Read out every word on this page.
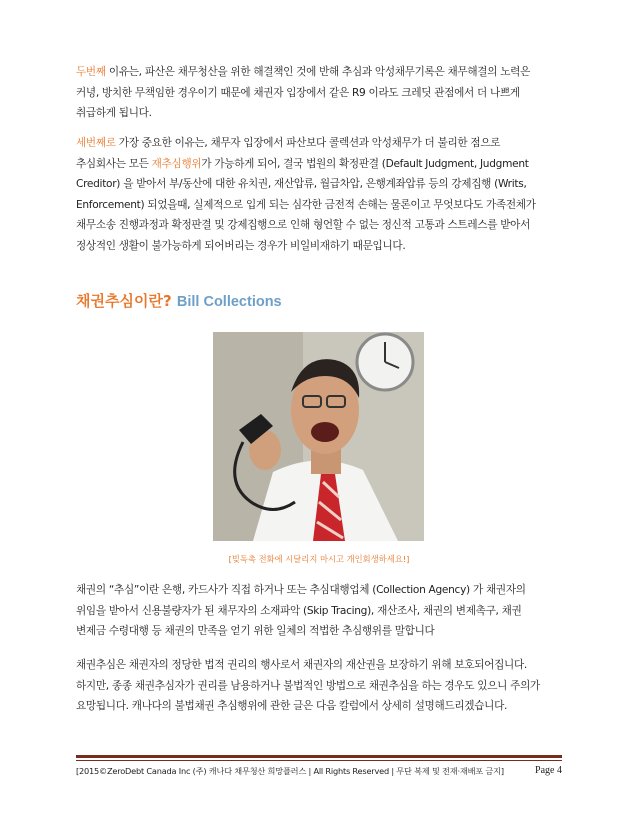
두번째 이유는, 파산은 채무청산을 위한 해결책인 것에 반해 추심과 악성채무기록은 채무해결의 노력은
커녕, 방치한 무책임한 경우이기 때문에 채권자 입장에서 같은 R9 이라도 크레딧 관점에서 더 나쁘게
취급하게 됩니다.
세번째로 가장 중요한 이유는, 채무자 입장에서 파산보다 콜렉션과 악성채무가 더 불리한 점으로
추심회사는 모든 재추심행위가 가능하게 되어, 결국 법원의 확정판결 (Default Judgment, Judgment
Creditor) 을 받아서 부/동산에 대한 유치권, 재산압류, 월급차압, 은행계좌압류 등의 강제집행 (Writs,
Enforcement) 되었을때, 실제적으로 입게 되는 심각한 금전적 손해는 물론이고 무엇보다도 가족전체가
채무소송 진행과정과 확정판결 및 강제집행으로 인해 형언할 수 없는 정신적 고통과 스트레스를 받아서
정상적인 생활이 불가능하게 되어버리는 경우가 비일비재하기 때문입니다.
채권추심이란? Bill Collections
[빚독촉 전화에 시달리지 마시고 개인회생하세요!]
채권의 “추심”이란 은행, 카드사가 직접 하거나 또는 추심대행업체 (Collection Agency) 가 채권자의
위임을 받아서 신용불량자가 된 채무자의 소재파악 (Skip Tracing), 재산조사, 채권의 변제촉구, 채권
변제금 수령대행 등 채권의 만족을 얻기 위한 일체의 적법한 추심행위를 말합니다
채권추심은 채권자의 정당한 법적 권리의 행사로서 채권자의 재산권을 보장하기 위해 보호되어집니다.
하지만, 종종 채권추심자가 권리를 남용하거나 불법적인 방법으로 채권추심을 하는 경우도 있으니 주의가
요망됩니다. 캐나다의 불법채권 추심행위에 관한 글은 다음 칼럼에서 상세히 설명해드리겠습니다.
[2015©ZeroDebt Canada Inc (주) 캐나다 채무청산 희망플러스 | All Rights Reserved | 무단 복제 및 전재·재배포 금지]	Page 4
